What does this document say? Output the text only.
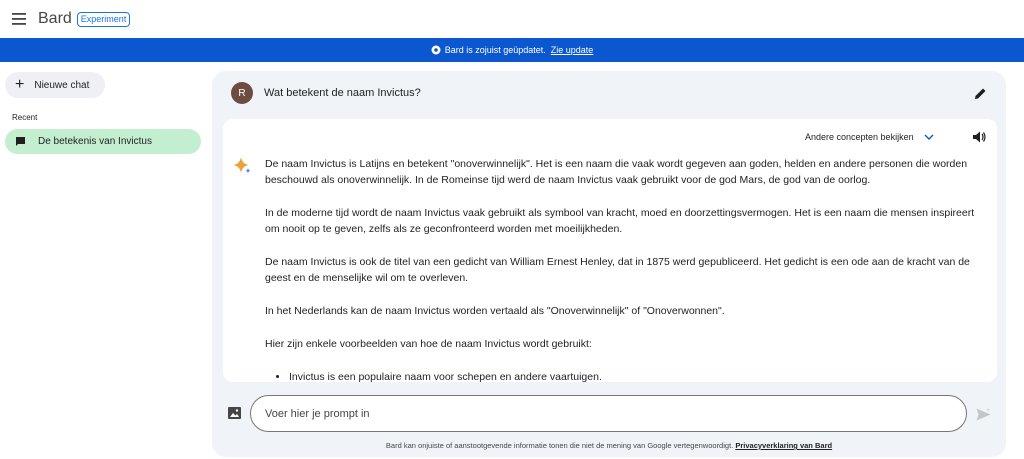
Bard	Experiment
Bard is zojuist geüpdatet. Zie update
+ Nieuwe chat
Recent
De betekenis van Invictus
R	Wat betekent de naam Invictus?
Andere concepten bekijken

De naam Invictus is Latijns en betekent "onoverwinnelijk". Het is een naam die vaak wordt gegeven aan goden, helden en andere personen die worden beschouwd als onoverwinnelijk. In de Romeinse tijd werd de naam Invictus vaak gebruikt voor de god Mars, de god van de oorlog.

In de moderne tijd wordt de naam Invictus vaak gebruikt als symbool van kracht, moed en doorzettingsvermogen. Het is een naam die mensen inspireert om nooit op te geven, zelfs als ze geconfronteerd worden met moeilijkheden.

De naam Invictus is ook de titel van een gedicht van William Ernest Henley, dat in 1875 werd gepubliceerd. Het gedicht is een ode aan de kracht van de geest en de menselijke wil om te overleven.

In het Nederlands kan de naam Invictus worden vertaald als "Onoverwinnelijk" of "Onoverwonnen".

Hier zijn enkele voorbeelden van hoe de naam Invictus wordt gebruikt:

• Invictus is een populaire naam voor schepen en andere vaartuigen.
Voer hier je prompt in
Bard kan onjuiste of aanstootgevende informatie tonen die niet de mening van Google vertegenwoordigt. Privacyverklaring van Bard
